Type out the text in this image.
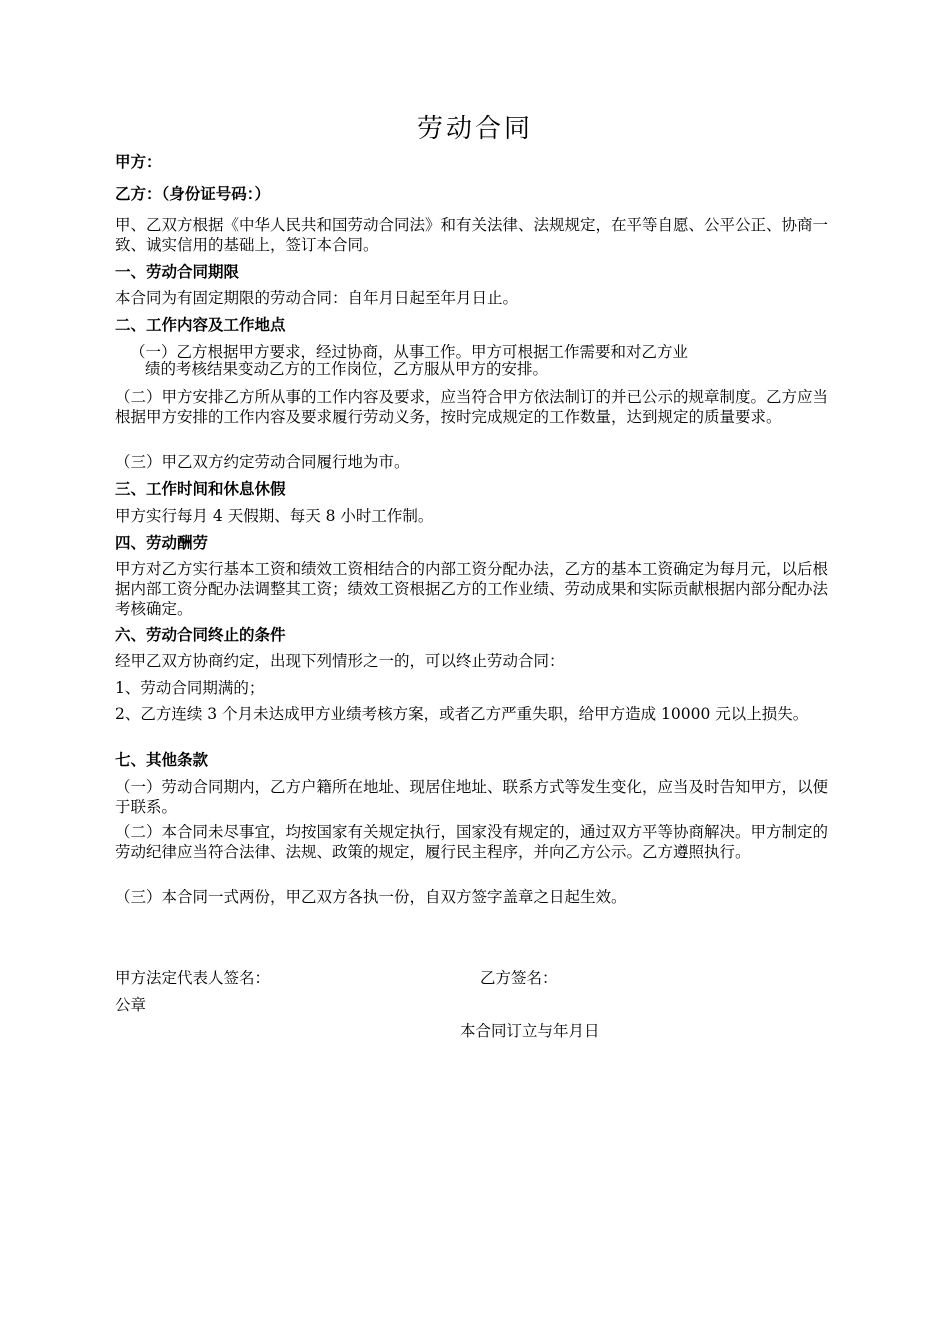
劳动合同
甲方：
乙方：（身份证号码：）
甲、乙双方根据《中华人民共和国劳动合同法》和有关法律、法规规定，在平等自愿、公平公正、协商一致、诚实信用的基础上，签订本合同。
一、劳动合同期限
本合同为有固定期限的劳动合同：自年月日起至年月日止。
二、工作内容及工作地点
（一）乙方根据甲方要求，经过协商，从事工作。甲方可根据工作需要和对乙方业
绩的考核结果变动乙方的工作岗位，乙方服从甲方的安排。
（二）甲方安排乙方所从事的工作内容及要求，应当符合甲方依法制订的并已公示的规章制度。乙方应当根据甲方安排的工作内容及要求履行劳动义务，按时完成规定的工作数量，达到规定的质量要求。
（三）甲乙双方约定劳动合同履行地为市。
三、工作时间和休息休假
甲方实行每月 4 天假期、每天 8 小时工作制。
四、劳动酬劳
甲方对乙方实行基本工资和绩效工资相结合的内部工资分配办法，乙方的基本工资确定为每月元，以后根据内部工资分配办法调整其工资；绩效工资根据乙方的工作业绩、劳动成果和实际贡献根据内部分配办法考核确定。
六、劳动合同终止的条件
经甲乙双方协商约定，出现下列情形之一的，可以终止劳动合同：
1、劳动合同期满的；
2、乙方连续 3 个月未达成甲方业绩考核方案，或者乙方严重失职，给甲方造成 10000 元以上损失。
七、其他条款
（一）劳动合同期内，乙方户籍所在地址、现居住地址、联系方式等发生变化，应当及时告知甲方，以便于联系。
（二）本合同未尽事宜，均按国家有关规定执行，国家没有规定的，通过双方平等协商解决。甲方制定的劳动纪律应当符合法律、法规、政策的规定，履行民主程序，并向乙方公示。乙方遵照执行。
（三）本合同一式两份，甲乙双方各执一份，自双方签字盖章之日起生效。
甲方法定代表人签名：	乙方签名：
公章
本合同订立与年月日
